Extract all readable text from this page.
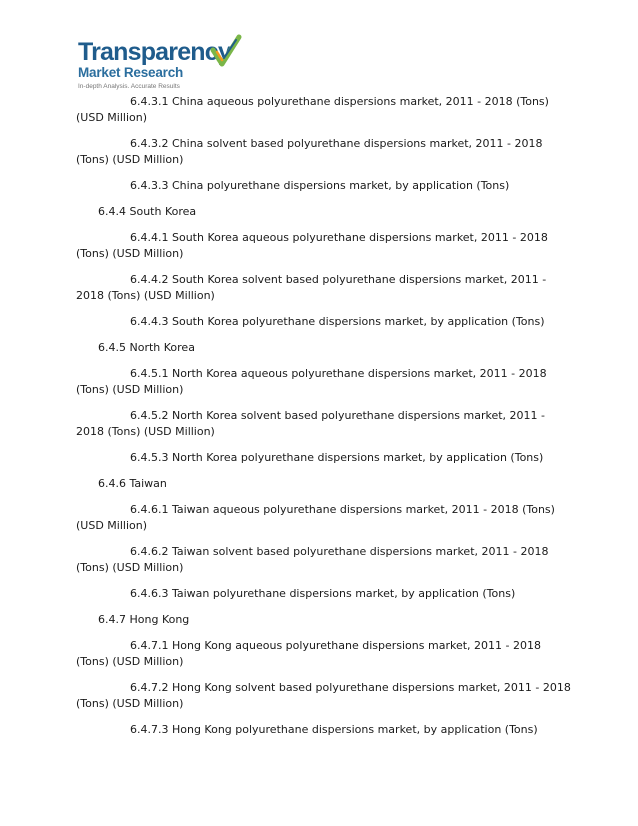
Transparency
Market Research
In-depth Analysis. Accurate Results
6.4.3.1 China aqueous polyurethane dispersions market, 2011 - 2018 (Tons) (USD Million)
6.4.3.2 China solvent based polyurethane dispersions market, 2011 - 2018 (Tons) (USD Million)
6.4.3.3 China polyurethane dispersions market, by application (Tons)
6.4.4 South Korea
6.4.4.1 South Korea aqueous polyurethane dispersions market, 2011 - 2018 (Tons) (USD Million)
6.4.4.2 South Korea solvent based polyurethane dispersions market, 2011 - 2018 (Tons) (USD Million)
6.4.4.3 South Korea polyurethane dispersions market, by application (Tons)
6.4.5 North Korea
6.4.5.1 North Korea aqueous polyurethane dispersions market, 2011 - 2018 (Tons) (USD Million)
6.4.5.2 North Korea solvent based polyurethane dispersions market, 2011 - 2018 (Tons) (USD Million)
6.4.5.3 North Korea polyurethane dispersions market, by application (Tons)
6.4.6 Taiwan
6.4.6.1 Taiwan aqueous polyurethane dispersions market, 2011 - 2018 (Tons) (USD Million)
6.4.6.2 Taiwan solvent based polyurethane dispersions market, 2011 - 2018 (Tons) (USD Million)
6.4.6.3 Taiwan polyurethane dispersions market, by application (Tons)
6.4.7 Hong Kong
6.4.7.1 Hong Kong aqueous polyurethane dispersions market, 2011 - 2018 (Tons) (USD Million)
6.4.7.2 Hong Kong solvent based polyurethane dispersions market, 2011 - 2018 (Tons) (USD Million)
6.4.7.3 Hong Kong polyurethane dispersions market, by application (Tons)
